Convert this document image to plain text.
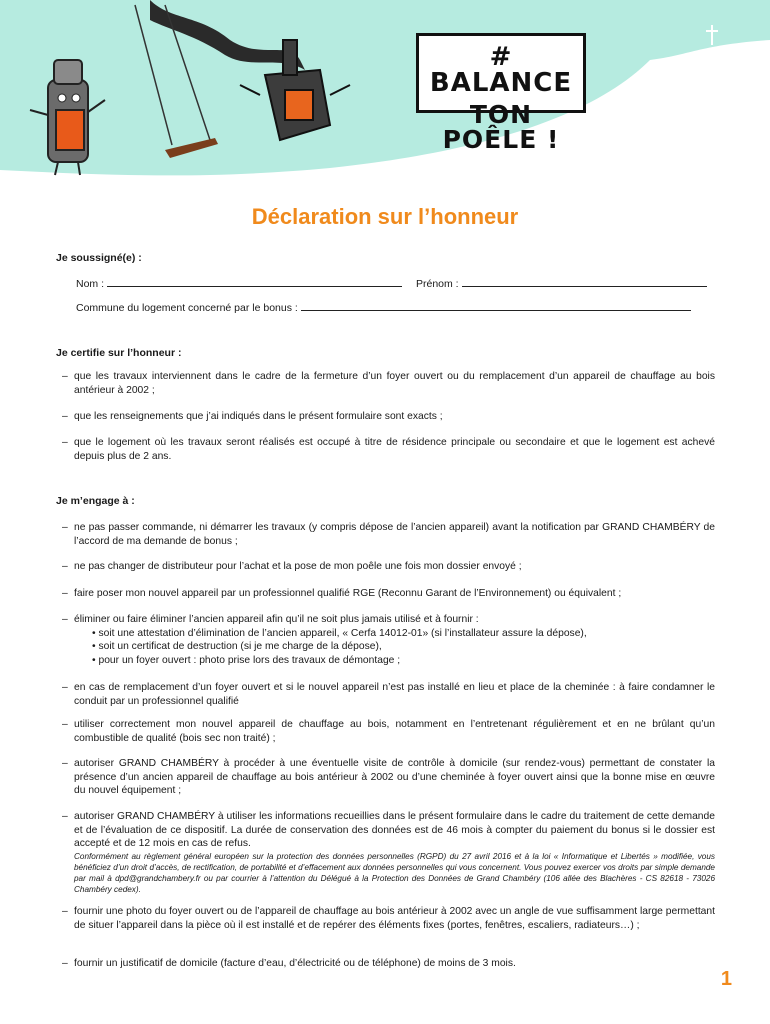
# BALANCE
TON POÊLE !
Déclaration sur l’honneur
Je soussigné(e) :
Nom :	Prénom :
Commune du logement concerné par le bonus :
Je certifie sur l’honneur :
– que les travaux interviennent dans le cadre de la fermeture d’un foyer ouvert ou du remplacement d’un appareil de chauffage au bois antérieur à 2002 ;
– que les renseignements que j’ai indiqués dans le présent formulaire sont exacts ;
– que le logement où les travaux seront réalisés est occupé à titre de résidence principale ou secondaire et que le logement est achevé depuis plus de 2 ans.
Je m’engage à :
– ne pas passer commande, ni démarrer les travaux (y compris dépose de l’ancien appareil) avant la notification par GRAND CHAMBÉRY de l’accord de ma demande de bonus ;
– ne pas changer de distributeur pour l’achat et la pose de mon poêle une fois mon dossier envoyé ;
– faire poser mon nouvel appareil par un professionnel qualifié RGE (Reconnu Garant de l’Environnement) ou équivalent ;
– éliminer ou faire éliminer l’ancien appareil afin qu’il ne soit plus jamais utilisé et à fournir :
• soit une attestation d’élimination de l’ancien appareil, « Cerfa 14012-01» (si l’installateur assure la dépose),
• soit un certificat de destruction (si je me charge de la dépose),
• pour un foyer ouvert : photo prise lors des travaux de démontage ;
– en cas de remplacement d’un foyer ouvert et si le nouvel appareil n’est pas installé en lieu et place de la cheminée : à faire condamner le conduit par un professionnel qualifié
– utiliser correctement mon nouvel appareil de chauffage au bois, notamment en l’entretenant régulièrement et en ne brûlant qu’un combustible de qualité (bois sec non traité) ;
– autoriser GRAND CHAMBÉRY à procéder à une éventuelle visite de contrôle à domicile (sur rendez-vous) permettant de constater la présence d’un ancien appareil de chauffage au bois antérieur à 2002 ou d’une cheminée à foyer ouvert ainsi que la bonne mise en œuvre du nouvel équipement ;
– autoriser GRAND CHAMBÉRY à utiliser les informations recueillies dans le présent formulaire dans le cadre du traitement de cette demande et de l’évaluation de ce dispositif. La durée de conservation des données est de 46 mois à compter du paiement du bonus si le dossier est accepté et de 12 mois en cas de refus.
Conformément au règlement général européen sur la protection des données personnelles (RGPD) du 27 avril 2016 et à la loi « Informatique et Libertés » modifiée, vous bénéficiez d’un droit d’accès, de rectification, de portabilité et d’effacement aux données personnelles qui vous concernent. Vous pouvez exercer vos droits par simple demande par mail à dpd@grandchambery.fr ou par courrier à l’attention du Délégué à la Protection des Données de Grand Chambéry (106 allée des Blachères - CS 82618 - 73026 Chambéry cedex).
– fournir une photo du foyer ouvert ou de l’appareil de chauffage au bois antérieur à 2002 avec un angle de vue suffisamment large permettant de situer l’appareil dans la pièce où il est installé et de repérer des éléments fixes (portes, fenêtres, escaliers, radiateurs…) ;
– fournir un justificatif de domicile (facture d’eau, d’électricité ou de téléphone) de moins de 3 mois.
1
